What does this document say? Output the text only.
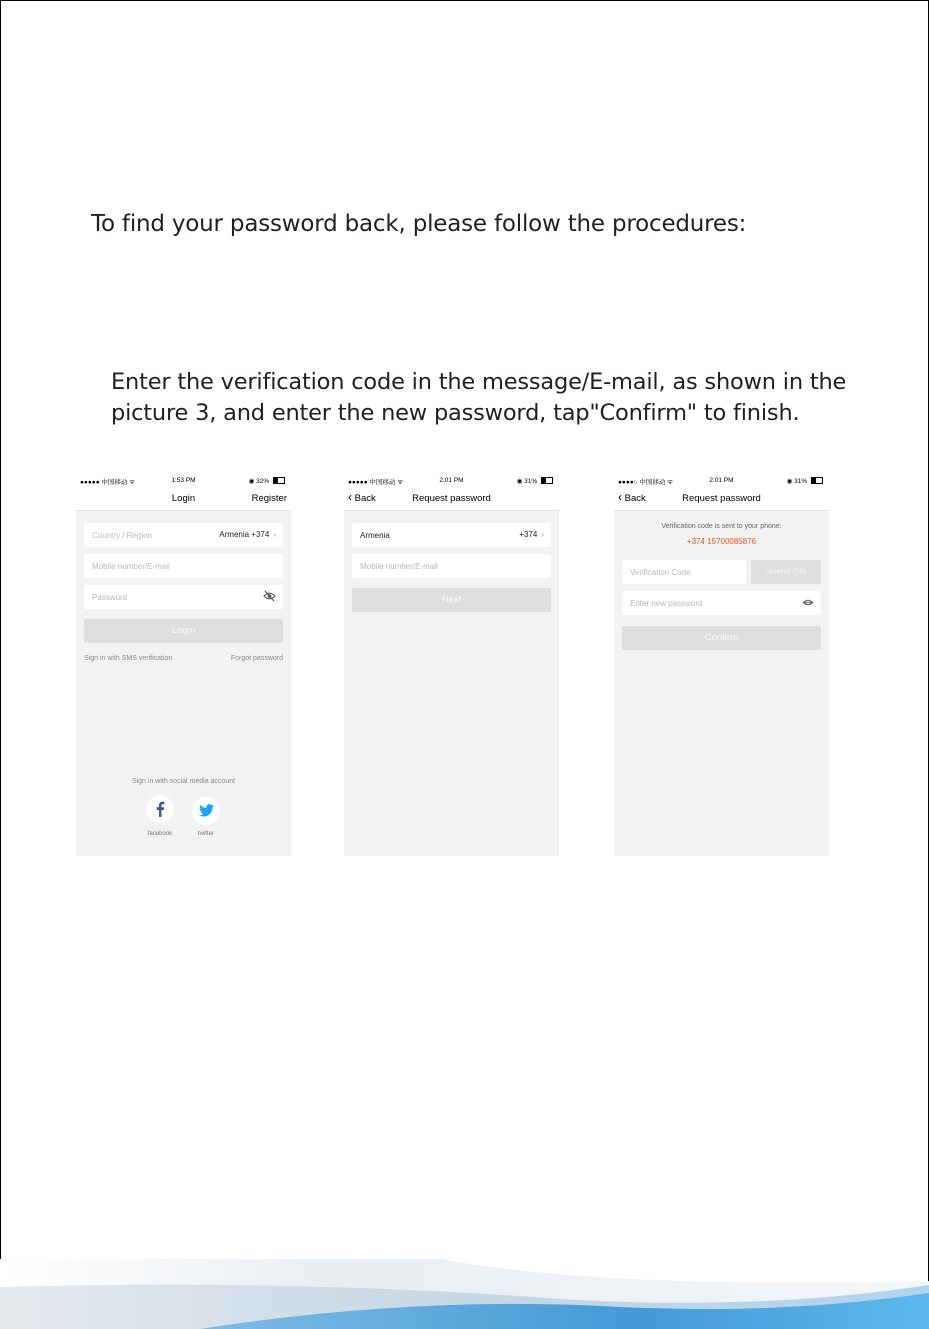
To find your password back, please follow the procedures:

Enter the verification code in the message/E-mail, as shown in the
picture 3, and enter the new password, tap"Confirm" to finish.

●●●●● 中国移动 ᯤ	1:53 PM	◉ 32%
Login	Register
Country / Region	Armenia +374 ›
Mobile number/E-mail
Password
Login
Sign in with SMS verification	Forgot password
Sign in with social media account
facebook	twitter
●●●●● 中国移动 ᯤ	2:01 PM	◉ 31%
‹ Back	Request password
Armenia	+374 ›
Mobile number/E-mail
Next
●●●●○ 中国移动 ᯤ	2:01 PM	◉ 31%
‹ Back	Request password
Verification code is sent to your phone:
+374 15700085876
Verification Code	resend (59)
Enter new password
Confirm
